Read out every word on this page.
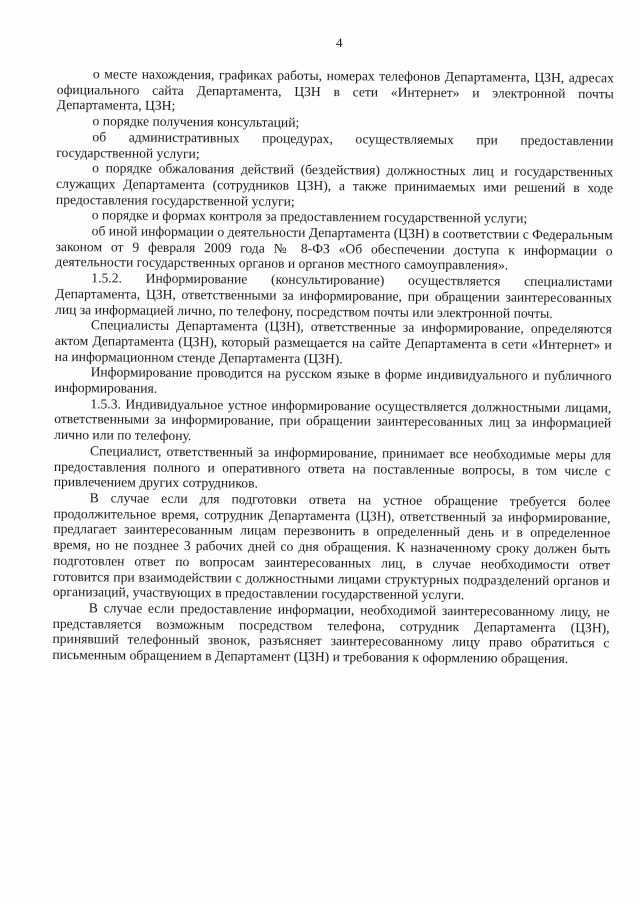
4

о месте нахождения, графиках работы, номерах телефонов Департамента, ЦЗН, адресах официального сайта Департамента, ЦЗН в сети «Интернет» и электронной почты Департамента, ЦЗН;

о порядке получения консультаций;

об административных процедурах, осуществляемых при предоставлении государственной услуги;

о порядке обжалования действий (бездействия) должностных лиц и государственных служащих Департамента (сотрудников ЦЗН), а также принимаемых ими решений в ходе предоставления государственной услуги;

о порядке и формах контроля за предоставлением государственной услуги;

об иной информации о деятельности Департамента (ЦЗН) в соответствии с Федеральным законом от 9 февраля 2009 года № 8-ФЗ «Об обеспечении доступа к информации о деятельности государственных органов и органов местного самоуправления».

1.5.2. Информирование (консультирование) осуществляется специалистами Департамента, ЦЗН, ответственными за информирование, при обращении заинтересованных лиц за информацией лично, по телефону, посредством почты или электронной почты.

Специалисты Департамента (ЦЗН), ответственные за информирование, определяются актом Департамента (ЦЗН), который размещается на сайте Департамента в сети «Интернет» и на информационном стенде Департамента (ЦЗН).

Информирование проводится на русском языке в форме индивидуального и публичного информирования.

1.5.3. Индивидуальное устное информирование осуществляется должностными лицами, ответственными за информирование, при обращении заинтересованных лиц за информацией лично или по телефону.

Специалист, ответственный за информирование, принимает все необходимые меры для предоставления полного и оперативного ответа на поставленные вопросы, в том числе с привлечением других сотрудников.

В случае если для подготовки ответа на устное обращение требуется более продолжительное время, сотрудник Департамента (ЦЗН), ответственный за информирование, предлагает заинтересованным лицам перезвонить в определенный день и в определенное время, но не позднее 3 рабочих дней со дня обращения. К назначенному сроку должен быть подготовлен ответ по вопросам заинтересованных лиц, в случае необходимости ответ готовится при взаимодействии с должностными лицами структурных подразделений органов и организаций, участвующих в предоставлении государственной услуги.

В случае если предоставление информации, необходимой заинтересованному лицу, не представляется возможным посредством телефона, сотрудник Департамента (ЦЗН), принявший телефонный звонок, разъясняет заинтересованному лицу право обратиться с письменным обращением в Департамент (ЦЗН) и требования к оформлению обращения.
